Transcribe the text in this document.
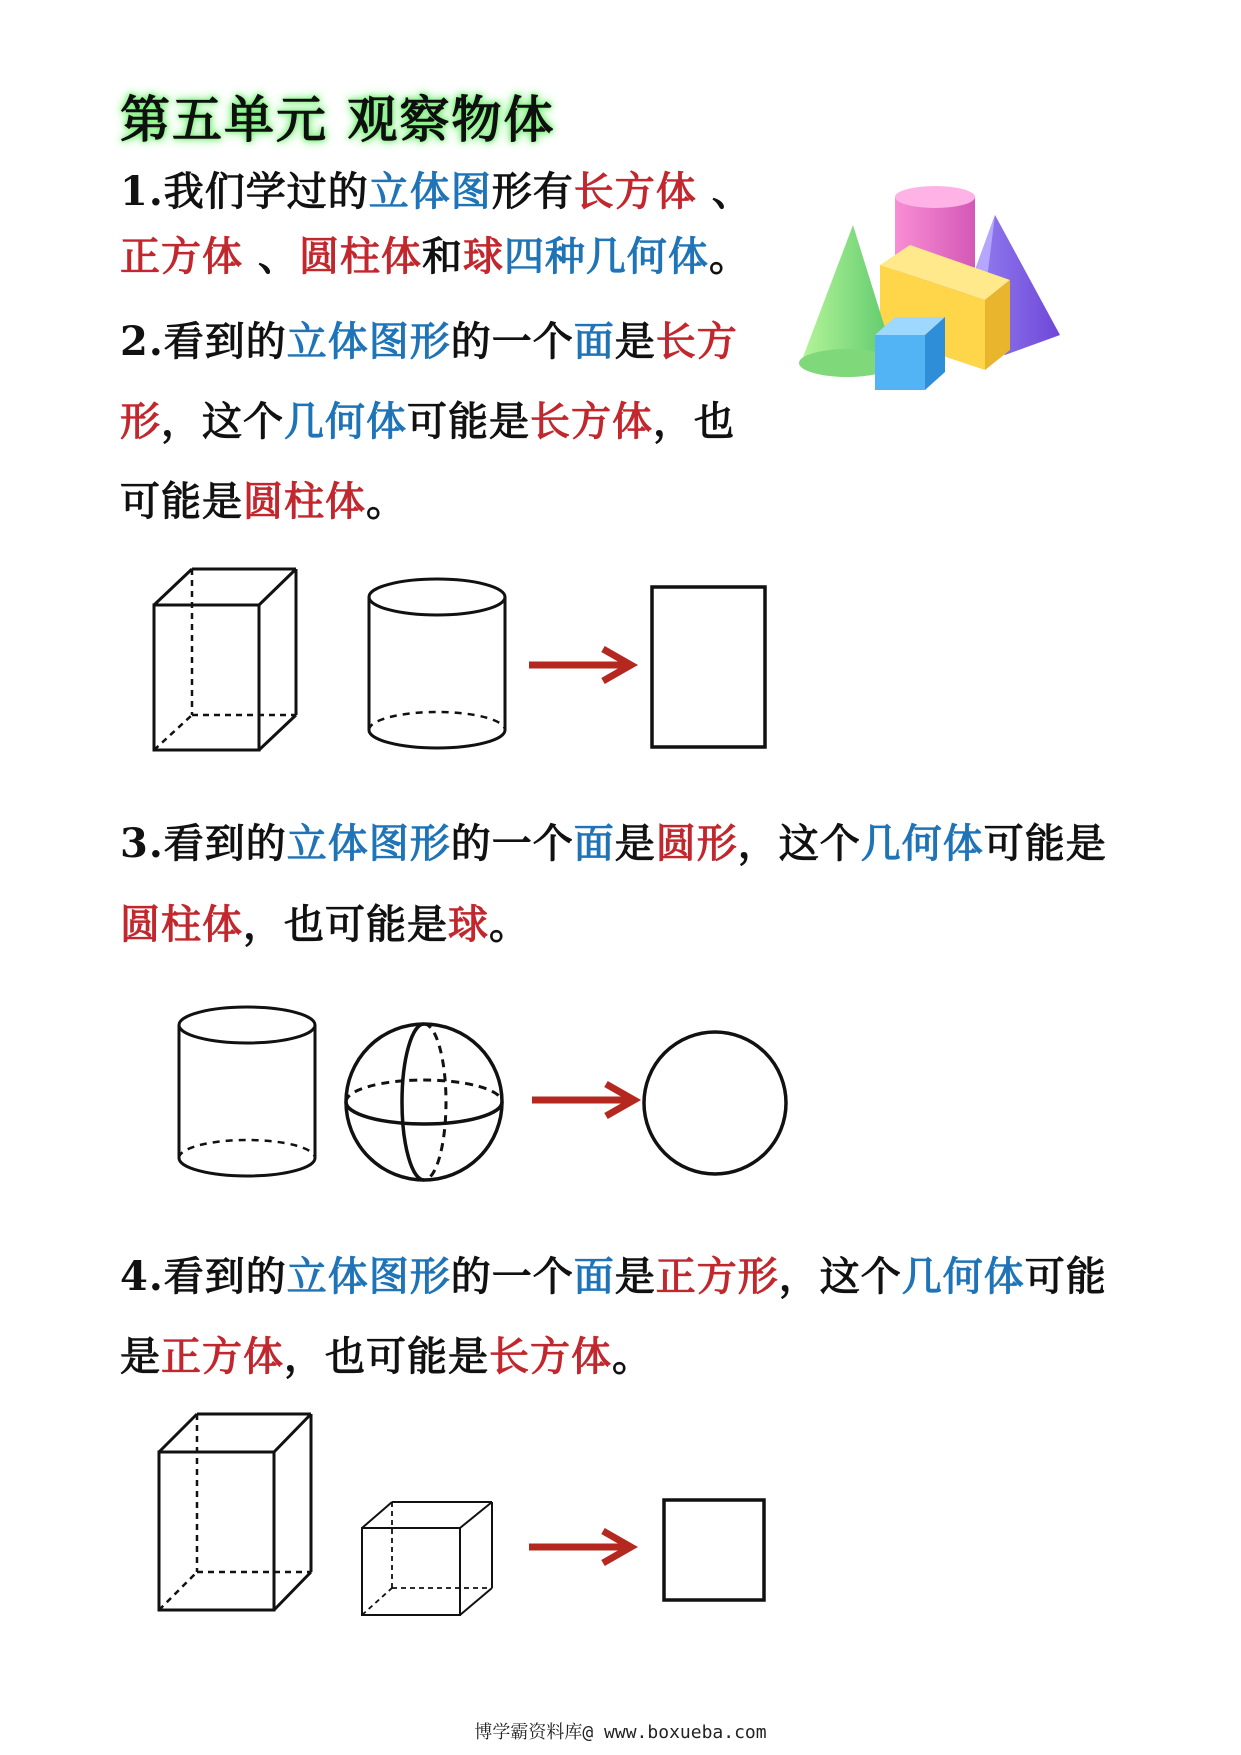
第五单元 观察物体

1.我们学过的立体图形有长方体 、

正方体 、圆柱体和球四种几何体。

2.看到的立体图形的一个面是长方

形，这个几何体可能是长方体，也

可能是圆柱体。

3.看到的立体图形的一个面是圆形，这个几何体可能是

圆柱体，也可能是球。

4.看到的立体图形的一个面是正方形，这个几何体可能

是正方体，也可能是长方体。

博学霸资料库@ www.boxueba.com
